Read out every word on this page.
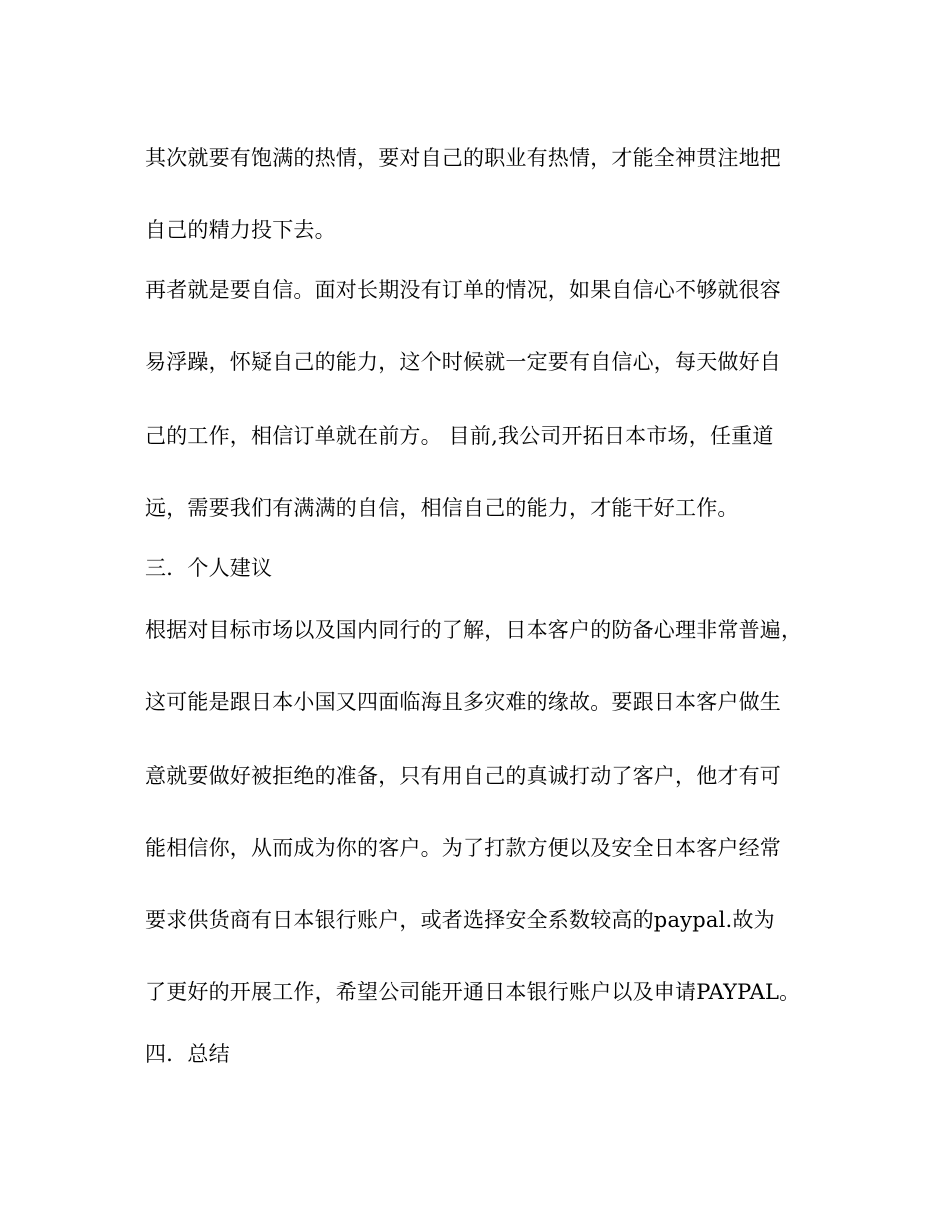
其次就要有饱满的热情，要对自己的职业有热情，才能全神贯注地把
自己的精力投下去。
再者就是要自信。面对长期没有订单的情况，如果自信心不够就很容
易浮躁，怀疑自己的能力，这个时候就一定要有自信心，每天做好自
己的工作，相信订单就在前方。 目前,我公司开拓日本市场，任重道
远，需要我们有满满的自信，相信自己的能力，才能干好工作。
三．个人建议
根据对目标市场以及国内同行的了解，日本客户的防备心理非常普遍，
这可能是跟日本小国又四面临海且多灾难的缘故。要跟日本客户做生
意就要做好被拒绝的准备，只有用自己的真诚打动了客户，他才有可
能相信你，从而成为你的客户。为了打款方便以及安全日本客户经常
要求供货商有日本银行账户，或者选择安全系数较高的paypal.故为
了更好的开展工作，希望公司能开通日本银行账户以及申请PAYPAL。
四．总结
